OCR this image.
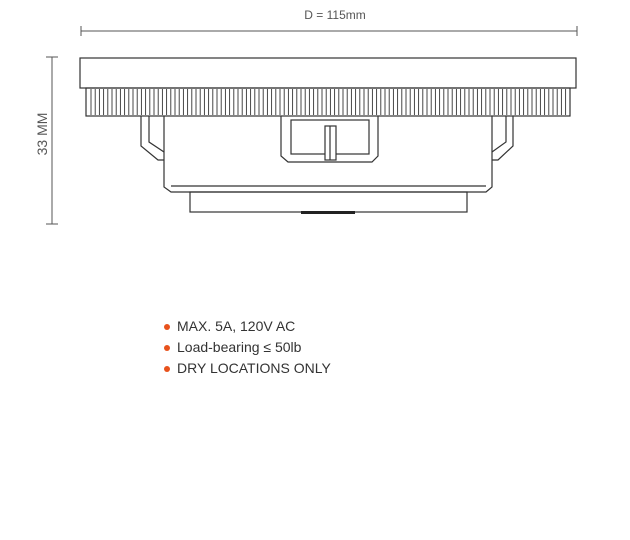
D = 115mm
33 MM
MAX. 5A, 120V AC
Load-bearing ≤ 50lb
DRY LOCATIONS ONLY
